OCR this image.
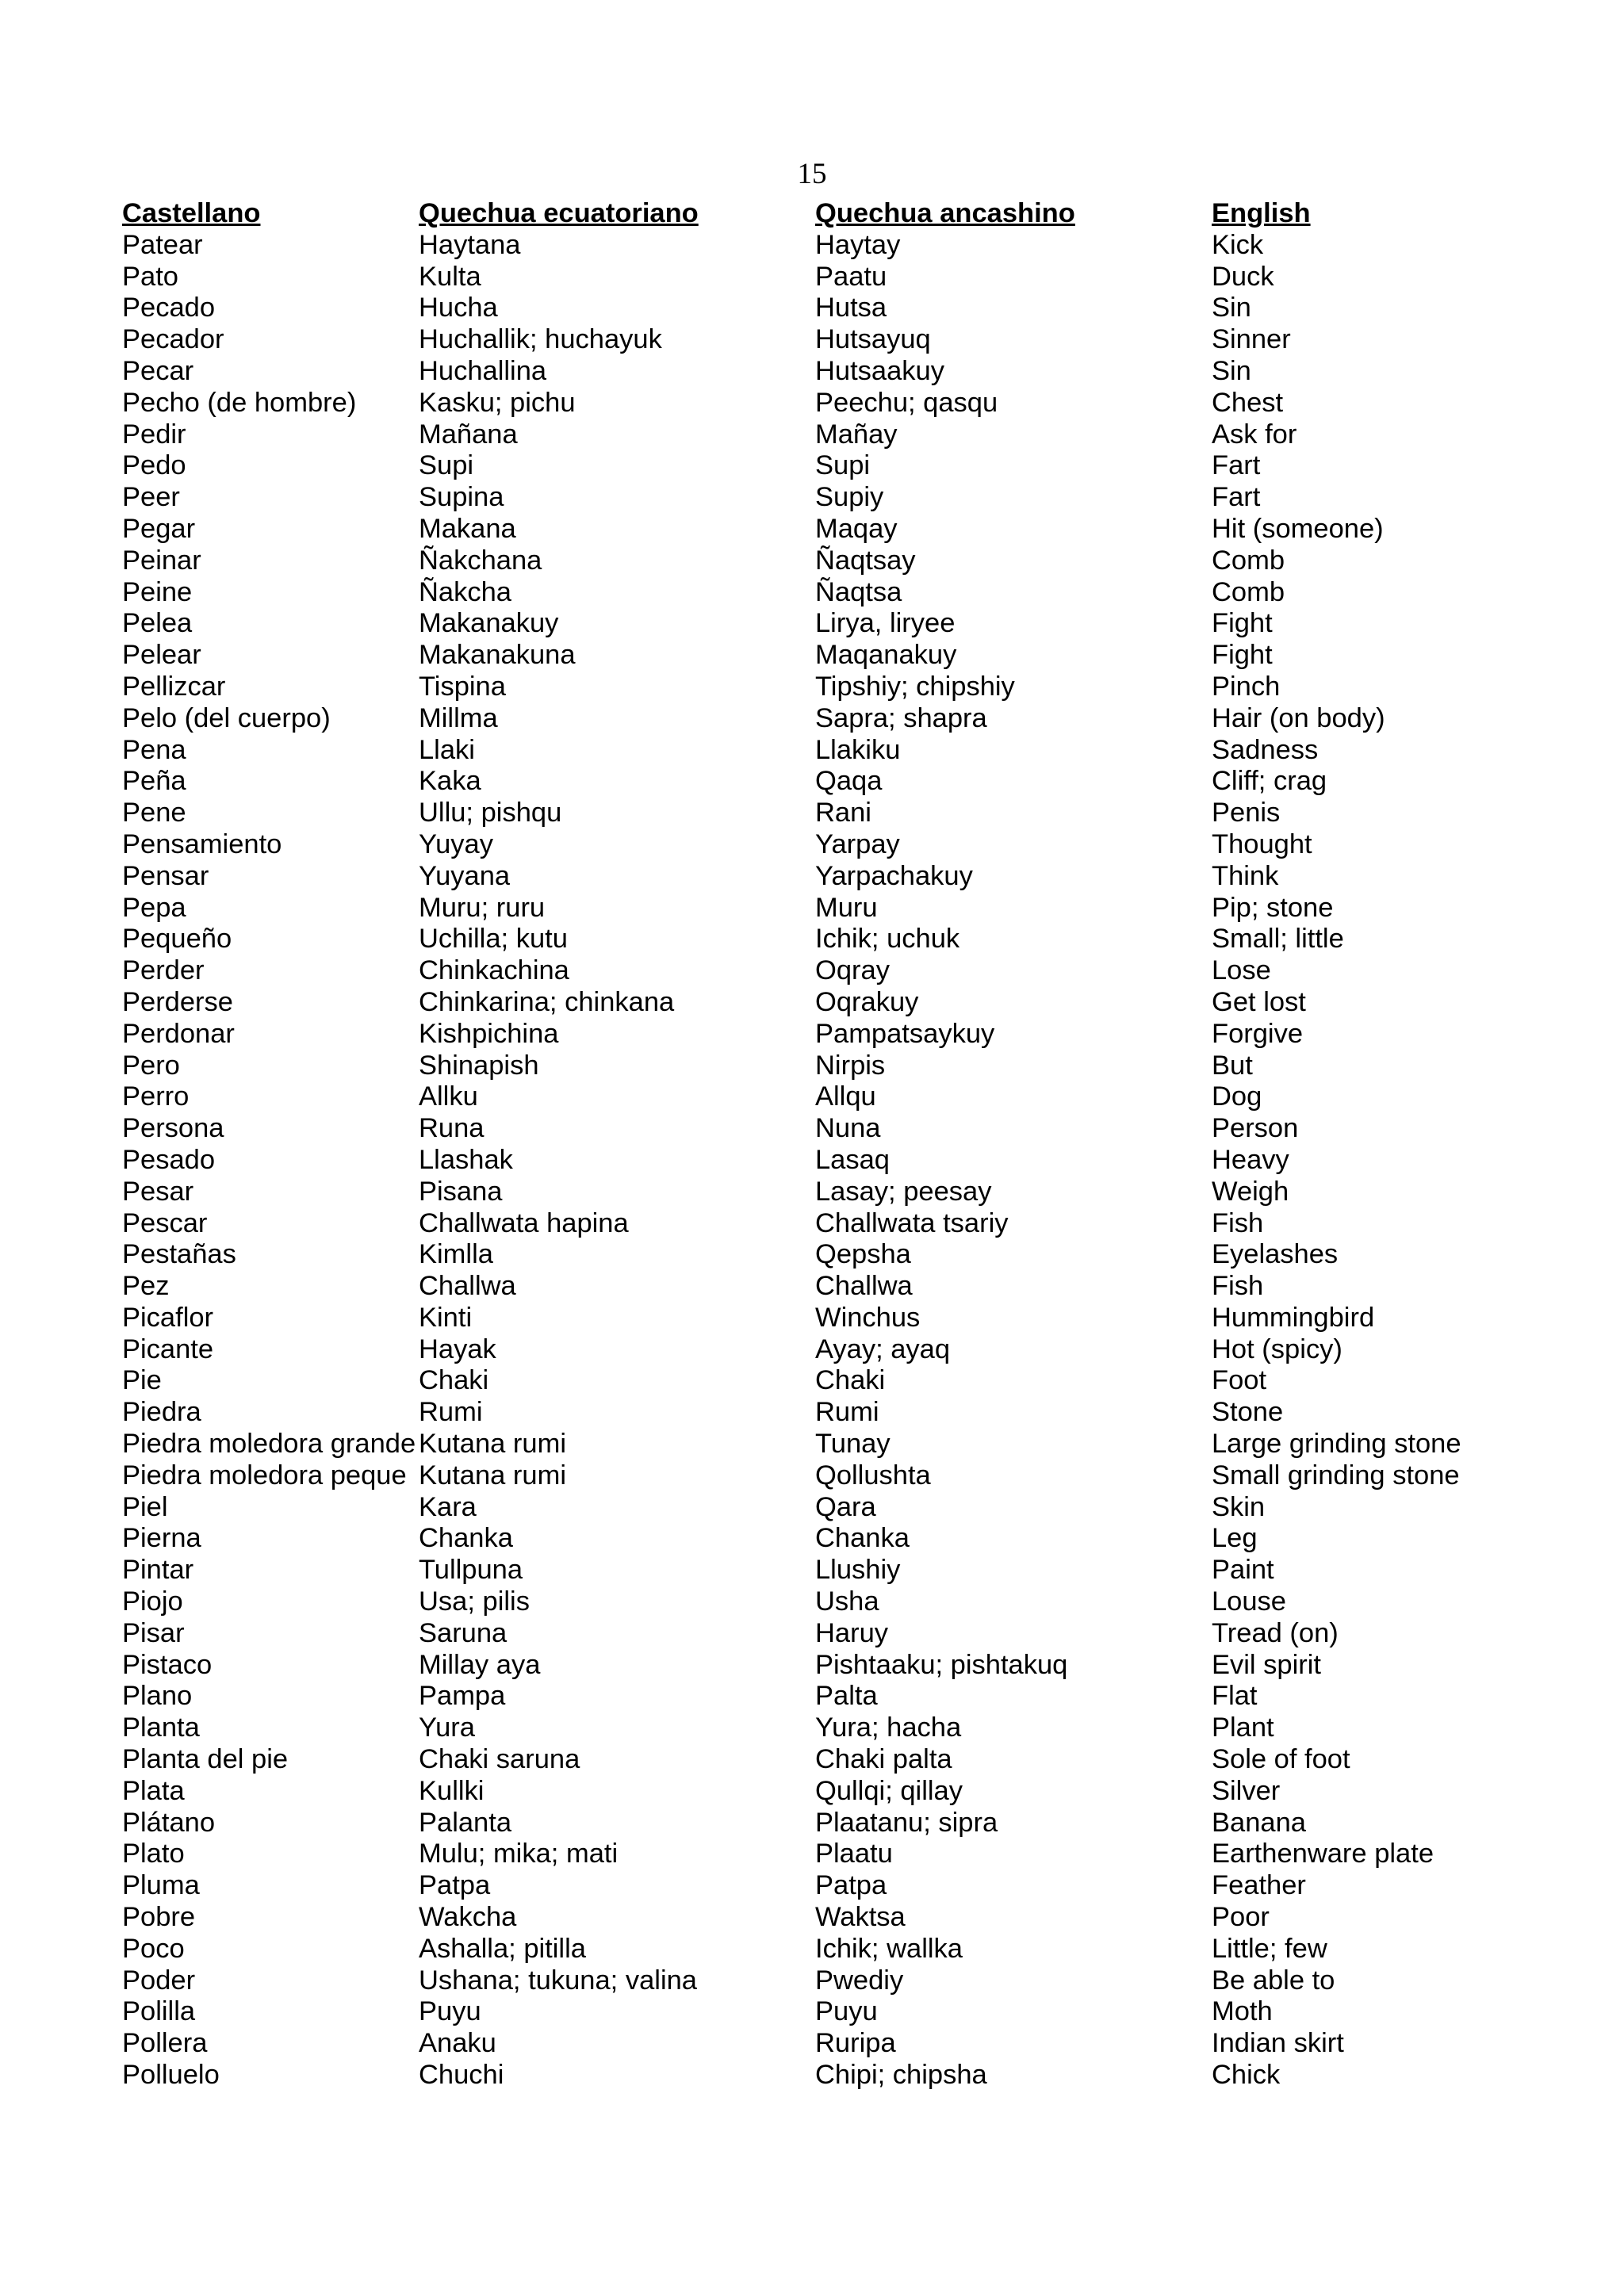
15
Castellano	Quechua ecuatoriano	Quechua ancashino	English
Patear	Haytana	Haytay	Kick
Pato	Kulta	Paatu	Duck
Pecado	Hucha	Hutsa	Sin
Pecador	Huchallik; huchayuk	Hutsayuq	Sinner
Pecar	Huchallina	Hutsaakuy	Sin
Pecho (de hombre)	Kasku; pichu	Peechu; qasqu	Chest
Pedir	Mañana	Mañay	Ask for
Pedo	Supi	Supi	Fart
Peer	Supina	Supiy	Fart
Pegar	Makana	Maqay	Hit (someone)
Peinar	Ñakchana	Ñaqtsay	Comb
Peine	Ñakcha	Ñaqtsa	Comb
Pelea	Makanakuy	Lirya, liryee	Fight
Pelear	Makanakuna	Maqanakuy	Fight
Pellizcar	Tispina	Tipshiy; chipshiy	Pinch
Pelo (del cuerpo)	Millma	Sapra; shapra	Hair (on body)
Pena	Llaki	Llakiku	Sadness
Peña	Kaka	Qaqa	Cliff; crag
Pene	Ullu; pishqu	Rani	Penis
Pensamiento	Yuyay	Yarpay	Thought
Pensar	Yuyana	Yarpachakuy	Think
Pepa	Muru; ruru	Muru	Pip; stone
Pequeño	Uchilla; kutu	Ichik; uchuk	Small; little
Perder	Chinkachina	Oqray	Lose
Perderse	Chinkarina; chinkana	Oqrakuy	Get lost
Perdonar	Kishpichina	Pampatsaykuy	Forgive
Pero	Shinapish	Nirpis	But
Perro	Allku	Allqu	Dog
Persona	Runa	Nuna	Person
Pesado	Llashak	Lasaq	Heavy
Pesar	Pisana	Lasay; peesay	Weigh
Pescar	Challwata hapina	Challwata tsariy	Fish
Pestañas	Kimlla	Qepsha	Eyelashes
Pez	Challwa	Challwa	Fish
Picaflor	Kinti	Winchus	Hummingbird
Picante	Hayak	Ayay; ayaq	Hot (spicy)
Pie	Chaki	Chaki	Foot
Piedra	Rumi	Rumi	Stone
Piedra moledora grande	Kutana rumi	Tunay	Large grinding stone
Piedra moledora peque	Kutana rumi	Qollushta	Small grinding stone
Piel	Kara	Qara	Skin
Pierna	Chanka	Chanka	Leg
Pintar	Tullpuna	Llushiy	Paint
Piojo	Usa; pilis	Usha	Louse
Pisar	Saruna	Haruy	Tread (on)
Pistaco	Millay aya	Pishtaaku; pishtakuq	Evil spirit
Plano	Pampa	Palta	Flat
Planta	Yura	Yura; hacha	Plant
Planta del pie	Chaki saruna	Chaki palta	Sole of foot
Plata	Kullki	Qullqi; qillay	Silver
Plátano	Palanta	Plaatanu; sipra	Banana
Plato	Mulu; mika; mati	Plaatu	Earthenware plate
Pluma	Patpa	Patpa	Feather
Pobre	Wakcha	Waktsa	Poor
Poco	Ashalla; pitilla	Ichik; wallka	Little; few
Poder	Ushana; tukuna; valina	Pwediy	Be able to
Polilla	Puyu	Puyu	Moth
Pollera	Anaku	Ruripa	Indian skirt
Polluelo	Chuchi	Chipi; chipsha	Chick
